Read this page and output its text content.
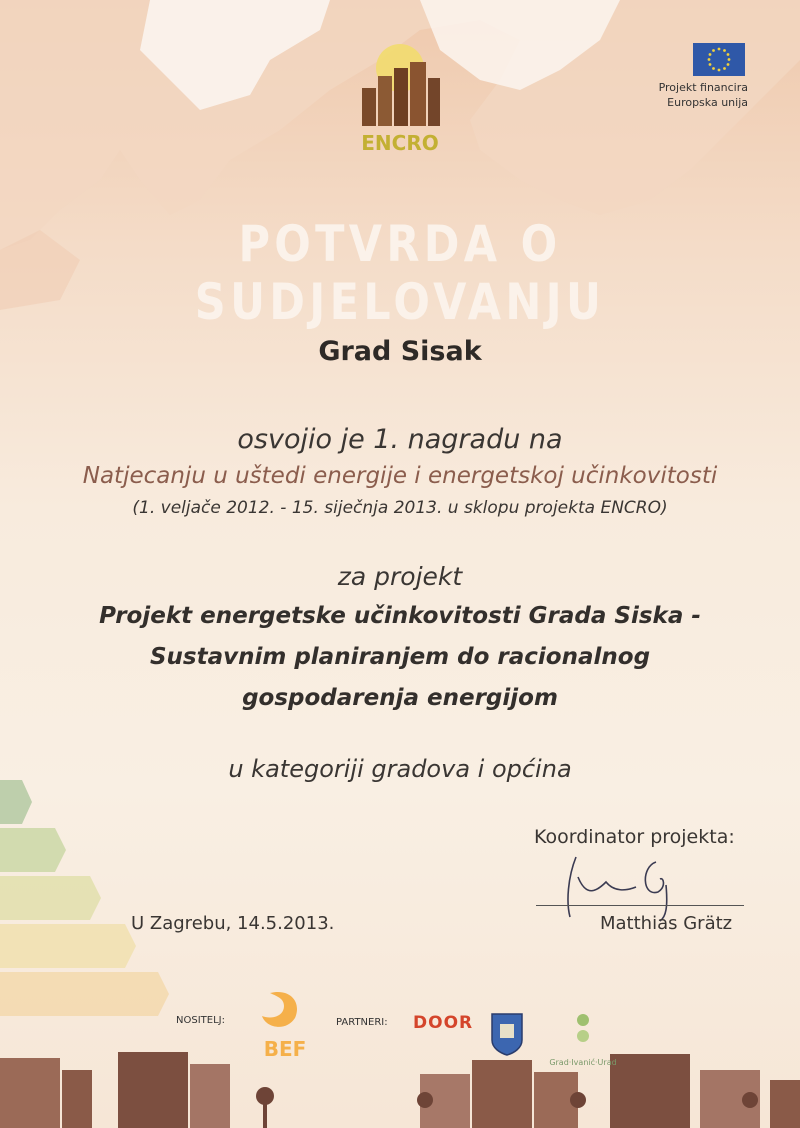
ENCRO
Projekt financira
Europska unija
POTVRDA O SUDJELOVANJU
Grad Sisak
osvojio je 1. nagradu na
Natjecanju u uštedi energije i energetskoj učinkovitosti
(1. veljače 2012. - 15. siječnja 2013. u sklopu projekta ENCRO)
za projekt
Projekt energetske učinkovitosti Grada Siska -
Sustavnim planiranjem do racionalnog
gospodarenja energijom
u kategoriji gradova i općina
Koordinator projekta:
Matthias Grätz
U Zagrebu, 14.5.2013.
NOSITELJ:
BEF
PARTNERI: DOOR
Grad·Ivanić·Urad
